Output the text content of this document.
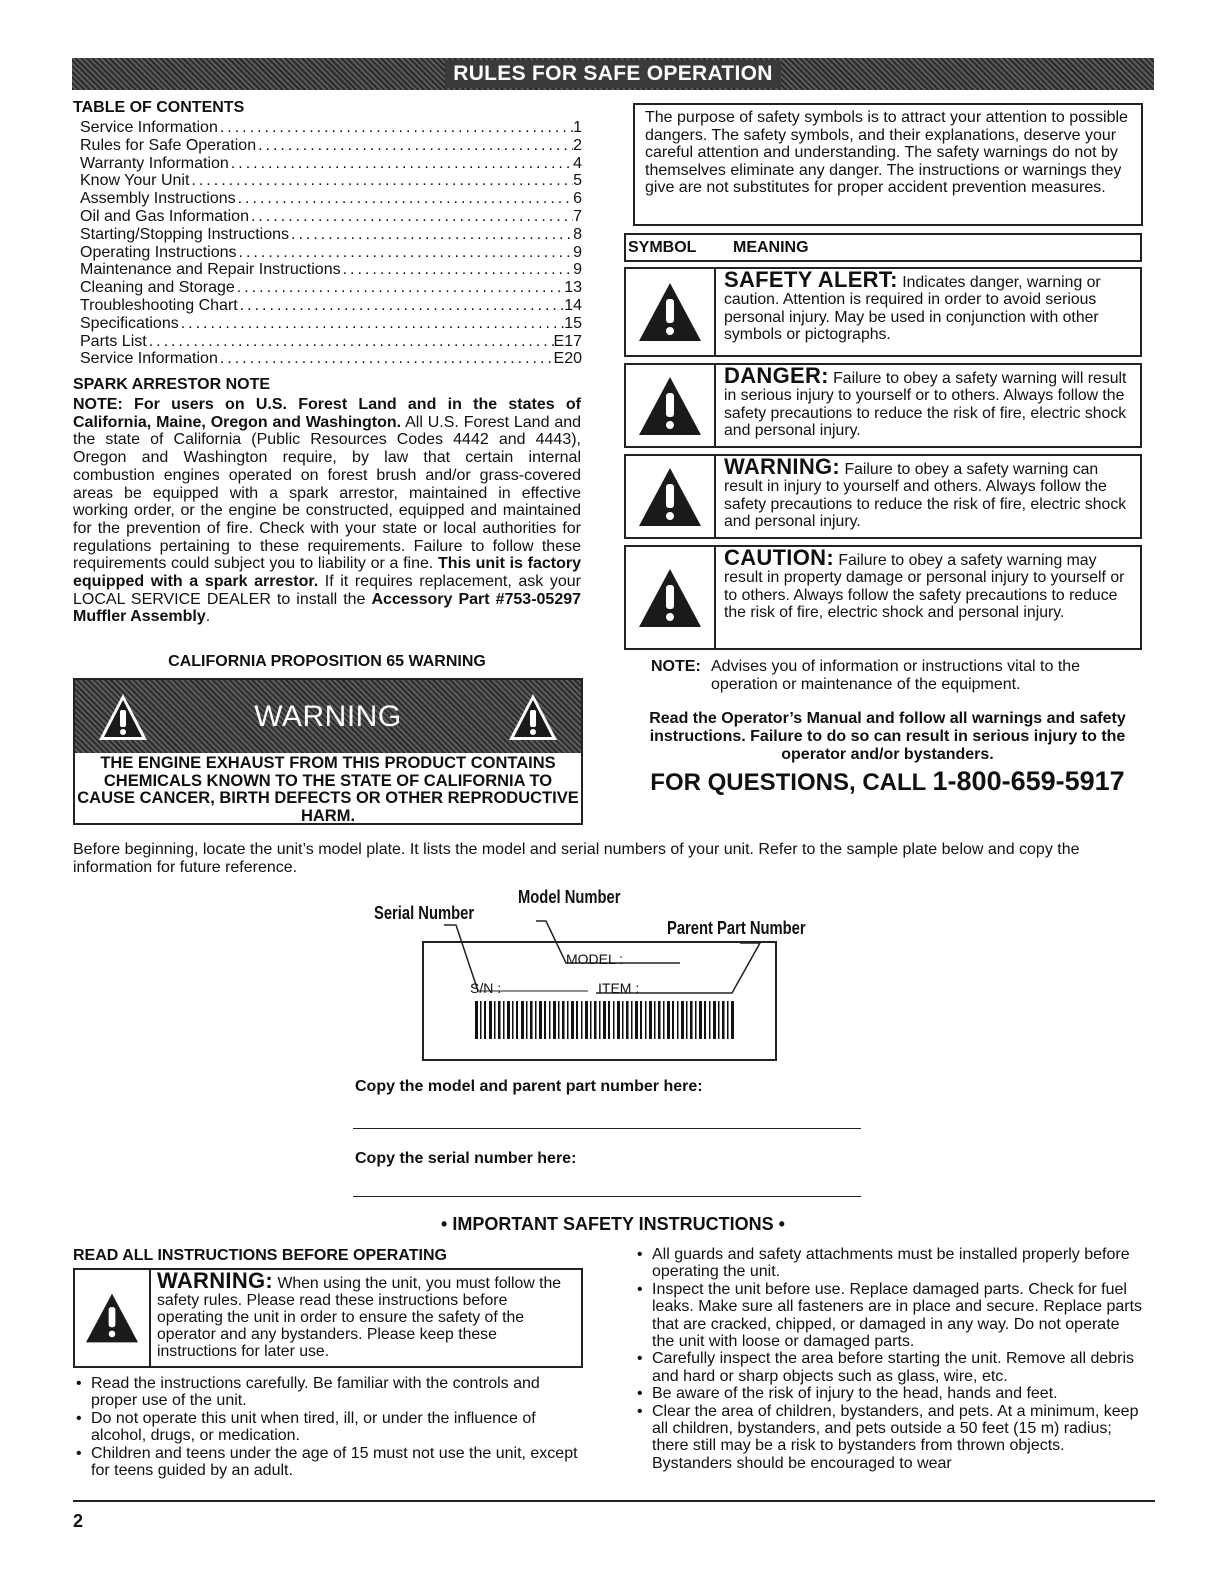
RULES FOR SAFE OPERATION
TABLE OF CONTENTS
Service Information .....	1
Rules for Safe Operation .....	2
Warranty Information .....	4
Know Your Unit .....	5
Assembly Instructions .....	6
Oil and Gas Information .....	7
Starting/Stopping Instructions .....	8
Operating Instructions .....	9
Maintenance and Repair Instructions .....	9
Cleaning and Storage .....	13
Troubleshooting Chart .....	14
Specifications .....	15
Parts List .....	E17
Service Information .....	E20
SPARK ARRESTOR NOTE
NOTE: For users on U.S. Forest Land and in the states of California, Maine, Oregon and Washington. All U.S. Forest Land and the state of California (Public Resources Codes 4442 and 4443), Oregon and Washington require, by law that certain internal combustion engines operated on forest brush and/or grass-covered areas be equipped with a spark arrestor, maintained in effective working order, or the engine be constructed, equipped and maintained for the prevention of fire. Check with your state or local authorities for regulations pertaining to these requirements. Failure to follow these requirements could subject you to liability or a fine. This unit is factory equipped with a spark arrestor. If it requires replacement, ask your LOCAL SERVICE DEALER to install the Accessory Part #753-05297 Muffler Assembly.
CALIFORNIA PROPOSITION 65 WARNING
WARNING
THE ENGINE EXHAUST FROM THIS PRODUCT CONTAINS CHEMICALS KNOWN TO THE STATE OF CALIFORNIA TO CAUSE CANCER, BIRTH DEFECTS OR OTHER REPRODUCTIVE HARM.
The purpose of safety symbols is to attract your attention to possible dangers. The safety symbols, and their explanations, deserve your careful attention and understanding. The safety warnings do not by themselves eliminate any danger. The instructions or warnings they give are not substitutes for proper accident prevention measures.
SYMBOL	MEANING
SAFETY ALERT: Indicates danger, warning or caution. Attention is required in order to avoid serious personal injury. May be used in conjunction with other symbols or pictographs.
DANGER: Failure to obey a safety warning will result in serious injury to yourself or to others. Always follow the safety precautions to reduce the risk of fire, electric shock and personal injury.
WARNING: Failure to obey a safety warning can result in injury to yourself and others. Always follow the safety precautions to reduce the risk of fire, electric shock and personal injury.
CAUTION: Failure to obey a safety warning may result in property damage or personal injury to yourself or to others. Always follow the safety precautions to reduce the risk of fire, electric shock and personal injury.
NOTE: Advises you of information or instructions vital to the operation or maintenance of the equipment.
Read the Operator’s Manual and follow all warnings and safety instructions. Failure to do so can result in serious injury to the operator and/or bystanders.
FOR QUESTIONS, CALL 1-800-659-5917
Before beginning, locate the unit’s model plate. It lists the model and serial numbers of your unit. Refer to the sample plate below and copy the information for future reference.
Serial Number
Model Number
Parent Part Number
MODEL :
S/N :	ITEM :
Copy the model and parent part number here:
Copy the serial number here:
• IMPORTANT SAFETY INSTRUCTIONS •
READ ALL INSTRUCTIONS BEFORE OPERATING
WARNING: When using the unit, you must follow the safety rules. Please read these instructions before operating the unit in order to ensure the safety of the operator and any bystanders. Please keep these instructions for later use.
• Read the instructions carefully. Be familiar with the controls and proper use of the unit.
• Do not operate this unit when tired, ill, or under the influence of alcohol, drugs, or medication.
• Children and teens under the age of 15 must not use the unit, except for teens guided by an adult.
• All guards and safety attachments must be installed properly before operating the unit.
• Inspect the unit before use. Replace damaged parts. Check for fuel leaks. Make sure all fasteners are in place and secure. Replace parts that are cracked, chipped, or damaged in any way. Do not operate the unit with loose or damaged parts.
• Carefully inspect the area before starting the unit. Remove all debris and hard or sharp objects such as glass, wire, etc.
• Be aware of the risk of injury to the head, hands and feet.
• Clear the area of children, bystanders, and pets. At a minimum, keep all children, bystanders, and pets outside a 50 feet (15 m) radius; there still may be a risk to bystanders from thrown objects. Bystanders should be encouraged to wear
2
